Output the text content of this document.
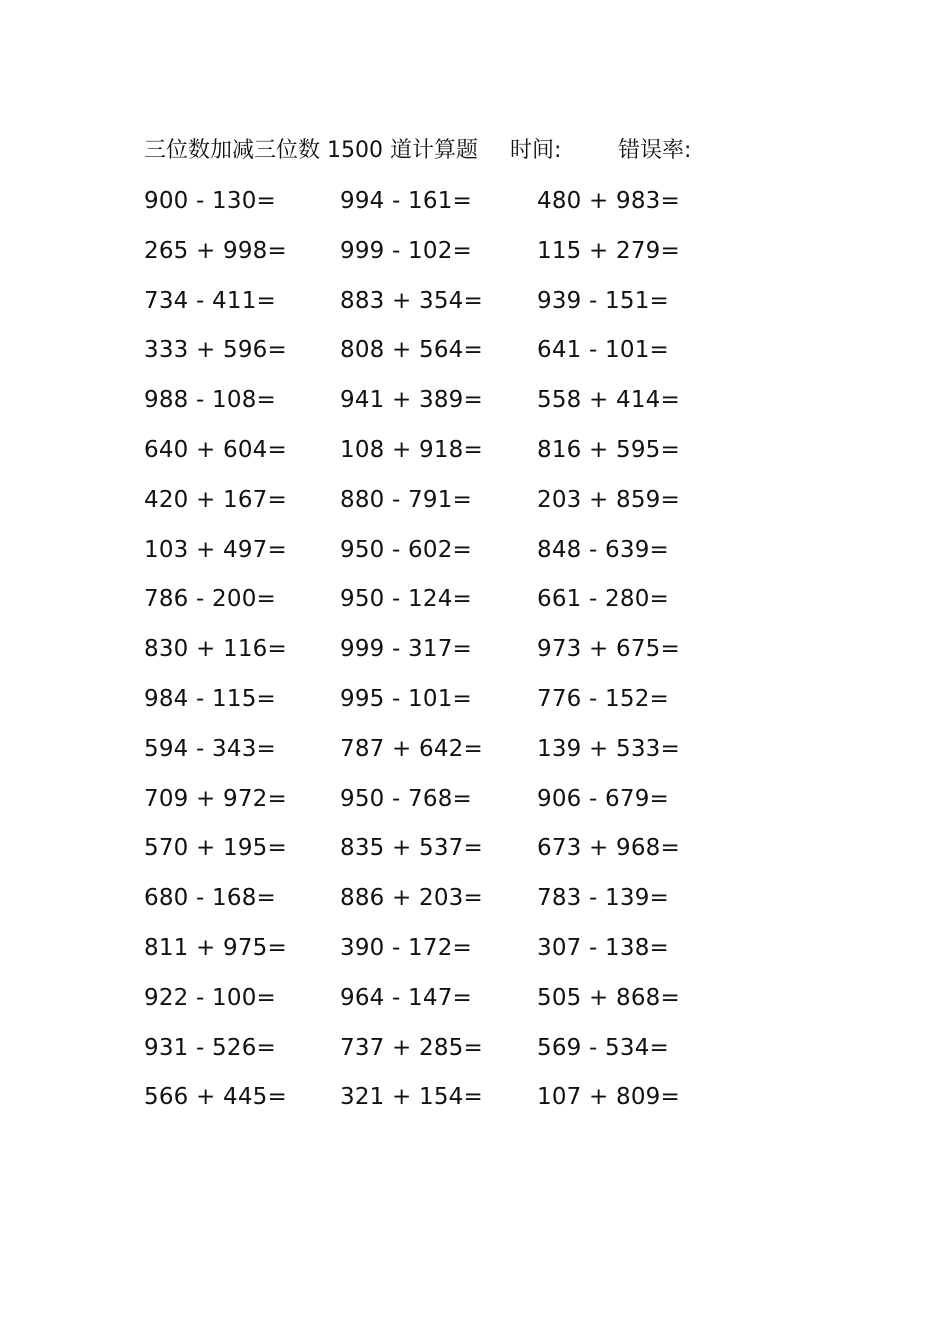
三位数加减三位数 1500 道计算题 时间:	错误率:
900 - 130=	994 - 161=	480 + 983=
265 + 998= 999 - 102=	115 + 279=
734 - 411=	883 + 354= 939 - 151=
333 + 596= 808 + 564= 641 - 101=
988 - 108=	941 + 389= 558 + 414=
640 + 604= 108 + 918= 816 + 595=
420 + 167= 880 - 791=	203 + 859=
103 + 497= 950 - 602=	848 - 639=
786 - 200=	950 - 124=	661 - 280=
830 + 116= 999 - 317=	973 + 675=
984 - 115=	995 - 101=	776 - 152=
594 - 343=	787 + 642= 139 + 533=
709 + 972= 950 - 768=	906 - 679=
570 + 195= 835 + 537= 673 + 968=
680 - 168=	886 + 203= 783 - 139=
811 + 975= 390 - 172=	307 - 138=
922 - 100=	964 - 147=	505 + 868=
931 - 526=	737 + 285= 569 - 534=
566 + 445= 321 + 154= 107 + 809=
